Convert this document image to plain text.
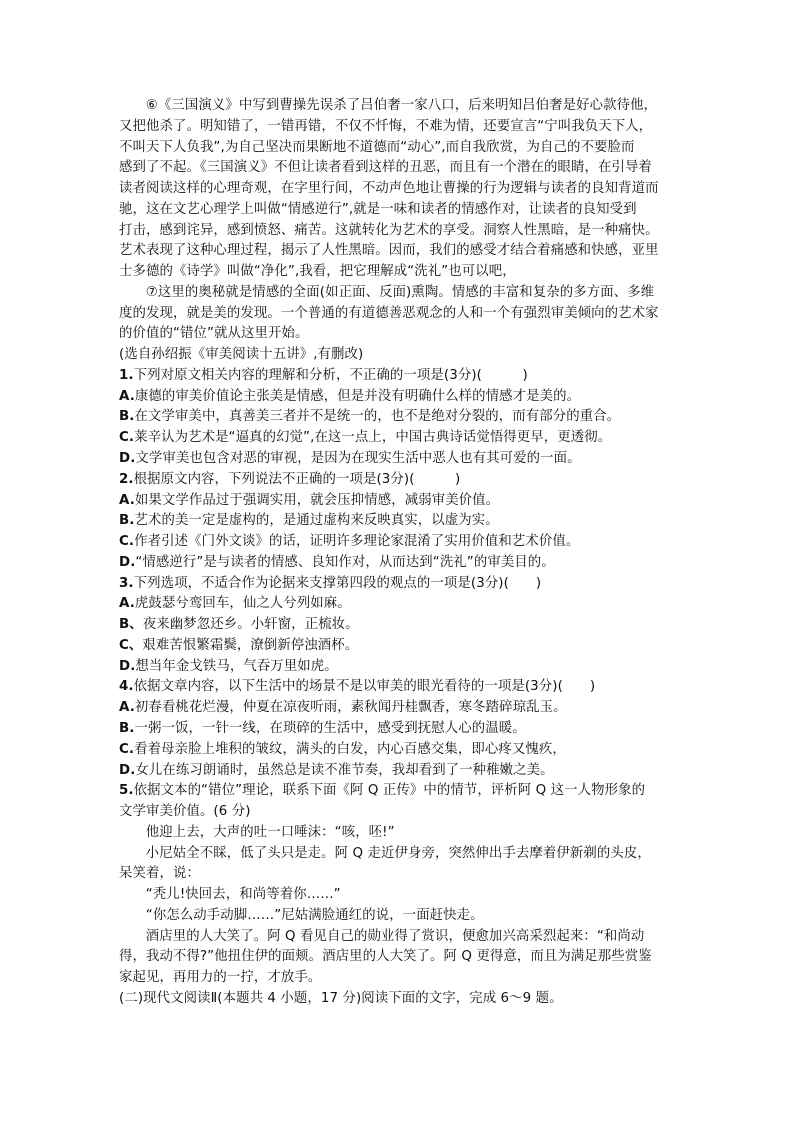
⑥《三国演义》中写到曹操先误杀了吕伯奢一家八口，后来明知吕伯奢是好心款待他，
又把他杀了。明知错了，一错再错，不仅不忏悔，不难为情，还要宣言“宁叫我负天下人，
不叫天下人负我”,为自己坚决而果断地不道德而“动心”,而自我欣赏，为自己的不要脸而
感到了不起。《三国演义》不但让读者看到这样的丑恶，而且有一个潜在的眼睛，在引导着
读者阅读这样的心理奇观，在字里行间，不动声色地让曹操的行为逻辑与读者的良知背道而
驰，这在文艺心理学上叫做“情感逆行”,就是一味和读者的情感作对，让读者的良知受到
打击，感到诧异，感到愤怒、痛苦。这就转化为艺术的享受。洞察人性黑暗，是一种痛快。
艺术表现了这种心理过程，揭示了人性黑暗。因而，我们的感受才结合着痛感和快感，亚里
士多德的《诗学》叫做“净化”,我看，把它理解成“洗礼”也可以吧，
⑦这里的奥秘就是情感的全面(如正面、反面)熏陶。情感的丰富和复杂的多方面、多维
度的发现，就是美的发现。一个普通的有道德善恶观念的人和一个有强烈审美倾向的艺术家
的价值的“错位”就从这里开始。
(选自孙绍振《审美阅读十五讲》,有删改)
1.下列对原文相关内容的理解和分析，不正确的一项是(3分)(　　　)
A.康德的审美价值论主张美是情感，但是并没有明确什么样的情感才是美的。
B.在文学审美中，真善美三者并不是统一的，也不是绝对分裂的，而有部分的重合。
C.莱辛认为艺术是“逼真的幻觉”,在这一点上，中国古典诗话觉悟得更早，更透彻。
D.文学审美也包含对恶的审视，是因为在现实生活中恶人也有其可爱的一面。
2.根据原文内容，下列说法不正确的一项是(3分)(　　　)
A.如果文学作品过于强调实用，就会压抑情感，减弱审美价值。
B.艺术的美一定是虚构的，是通过虚构来反映真实，以虚为实。
C.作者引述《门外文谈》的话，证明许多理论家混淆了实用价值和艺术价值。
D.“情感逆行”是与读者的情感、良知作对，从而达到“洗礼”的审美目的。
3.下列选项，不适合作为论据来支撑第四段的观点的一项是(3分)(　　)
A.虎鼓瑟兮鸾回车，仙之人兮列如麻。
B、夜来幽梦忽还乡。小轩窗，正梳妆。
C、艰难苦恨繁霜鬓，潦倒新停浊酒杯。
D.想当年金戈铁马，气吞万里如虎。
4.依据文章内容，以下生活中的场景不是以审美的眼光看待的一项是(3分)(　　)
A.初春看桃花烂漫，仲夏在凉夜听雨，素秋闻丹桂飘香，寒冬踏碎琼乱玉。
B.一粥一饭，一针一线，在琐碎的生活中，感受到抚慰人心的温暖。
C.看着母亲脸上堆积的皱纹，满头的白发，内心百感交集，即心疼又愧疚，
D.女儿在练习朗诵时，虽然总是读不准节奏，我却看到了一种稚嫩之美。
5.依据文本的“错位”理论，联系下面《阿 Q 正传》中的情节，评析阿 Q 这一人物形象的
文学审美价值。(6 分)
他迎上去，大声的吐一口唾沫：“咳，呸!”
小尼姑全不睬，低了头只是走。阿 Q 走近伊身旁，突然伸出手去摩着伊新剃的头皮，
呆笑着，说：
“秃儿!快回去，和尚等着你……”
“你怎么动手动脚……”尼姑满脸通红的说，一面赶快走。
酒店里的人大笑了。阿 Q 看见自己的勋业得了赏识，便愈加兴高采烈起来：“和尚动
得，我动不得?”他扭住伊的面颊。酒店里的人大笑了。阿 Q 更得意，而且为满足那些赏鉴
家起见，再用力的一拧，才放手。
(二)现代文阅读Ⅱ(本题共 4 小题，17 分)阅读下面的文字，完成 6～9 题。
